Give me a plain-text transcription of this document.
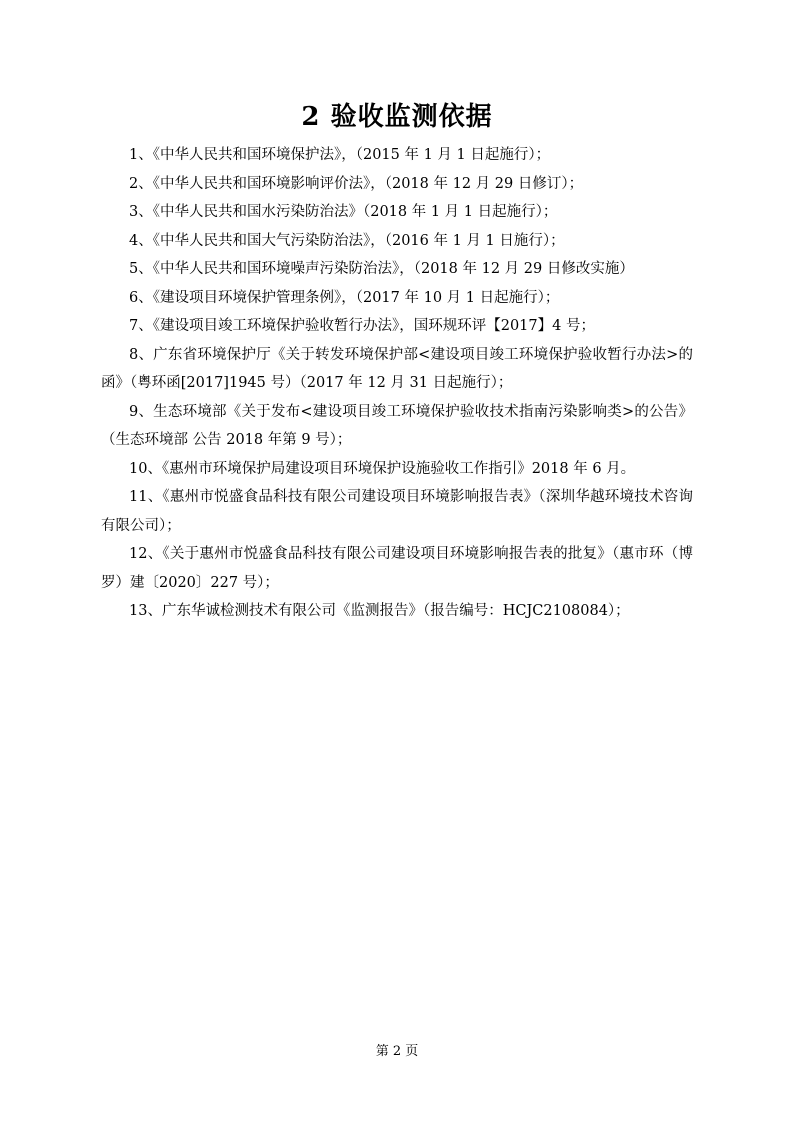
2 验收监测依据
1、《中华人民共和国环境保护法》，（2015 年 1 月 1 日起施行）；
2、《中华人民共和国环境影响评价法》，（2018 年 12 月 29 日修订）；
3、《中华人民共和国水污染防治法》（2018 年 1 月 1 日起施行）；
4、《中华人民共和国大气污染防治法》，（2016 年 1 月 1 日施行）；
5、《中华人民共和国环境噪声污染防治法》，（2018 年 12 月 29 日修改实施）
6、《建设项目环境保护管理条例》，（2017 年 10 月 1 日起施行）；
7、《建设项目竣工环境保护验收暂行办法》，国环规环评【2017】4 号；
8、广东省环境保护厅《关于转发环境保护部<建设项目竣工环境保护验收暂行办法>的函》（粤环函[2017]1945 号）（2017 年 12 月 31 日起施行）；
9、生态环境部《关于发布<建设项目竣工环境保护验收技术指南污染影响类>的公告》（生态环境部 公告 2018 年第 9 号）；
10、《惠州市环境保护局建设项目环境保护设施验收工作指引》2018 年 6 月。
11、《惠州市悦盛食品科技有限公司建设项目环境影响报告表》（深圳华越环境技术咨询有限公司）；
12、《关于惠州市悦盛食品科技有限公司建设项目环境影响报告表的批复》（惠市环（博罗）建〔2020〕227 号）；
13、广东华诚检测技术有限公司《监测报告》（报告编号：HCJC2108084）；
第 2 页
